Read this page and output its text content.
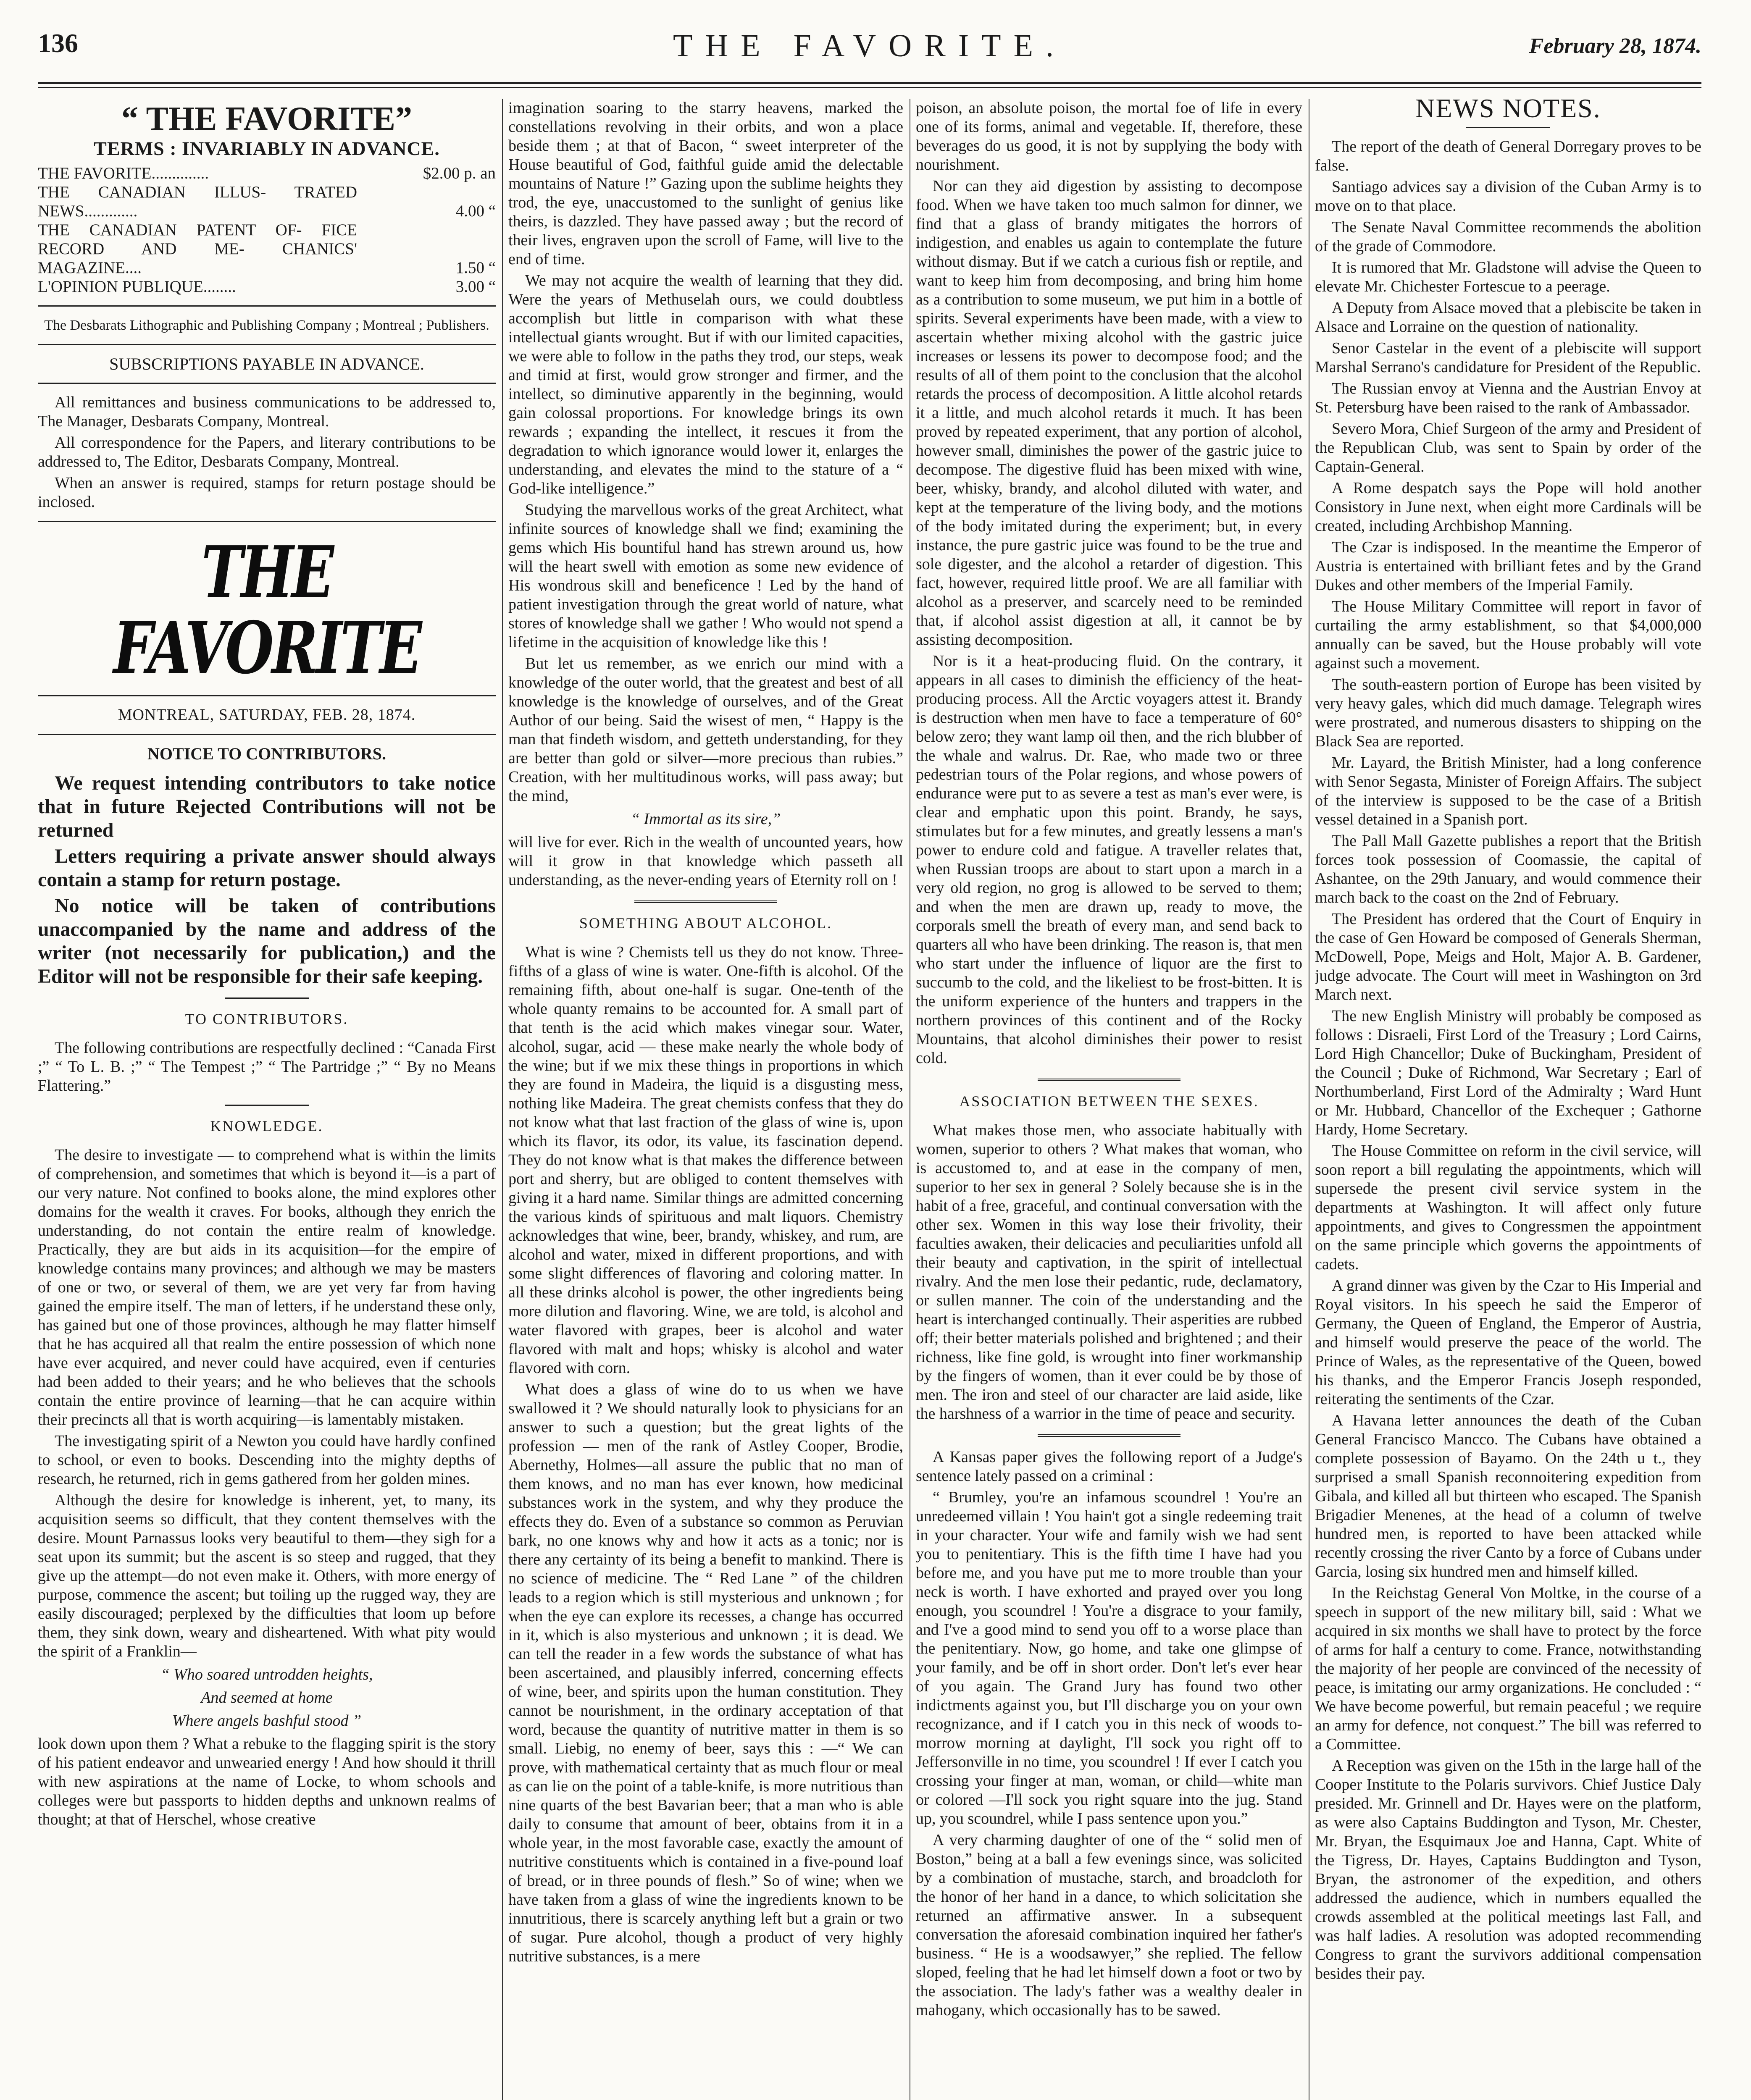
136	THE FAVORITE.	February 28, 1874.
“ THE FAVORITE”
TERMS : INVARIABLY IN ADVANCE.
THE FAVORITE..............	$2.00 p. an
THE CANADIAN ILLUS- TRATED NEWS.............	4.00 “
THE CANADIAN PATENT OF- FICE RECORD AND ME- CHANICS' MAGAZINE....	1.50 “
L'OPINION PUBLIQUE........	3.00 “

The Desbarats Lithographic and Publishing Company ; Montreal ; Publishers.

SUBSCRIPTIONS PAYABLE IN ADVANCE.

All remittances and business communications to be addressed to, The Manager, Desbarats Company, Montreal.

All correspondence for the Papers, and literary contributions to be addressed to, The Editor, Desbarats Company, Montreal.

When an answer is required, stamps for return postage should be inclosed.

THE FAVORITE

MONTREAL, SATURDAY, FEB. 28, 1874.

NOTICE TO CONTRIBUTORS.

We request intending contributors to take notice that in future Rejected Contributions will not be returned

Letters requiring a private answer should always contain a stamp for return postage.

No notice will be taken of contributions unaccompanied by the name and address of the writer (not necessarily for publication,) and the Editor will not be responsible for their safe keeping.

TO CONTRIBUTORS.

The following contributions are respectfully declined : “Canada First ;” “ To L. B. ;” “ The Tempest ;” “ The Partridge ;” “ By no Means Flattering.”

KNOWLEDGE.

The desire to investigate — to comprehend what is within the limits of comprehension, and sometimes that which is beyond it—is a part of our very nature. Not confined to books alone, the mind explores other domains for the wealth it craves. For books, although they enrich the understanding, do not contain the entire realm of knowledge. Practically, they are but aids in its acquisition—for the empire of knowledge contains many provinces; and although we may be masters of one or two, or several of them, we are yet very far from having gained the empire itself. The man of letters, if he understand these only, has gained but one of those provinces, although he may flatter himself that he has acquired all that realm the entire possession of which none have ever acquired, and never could have acquired, even if centuries had been added to their years; and he who believes that the schools contain the entire province of learning—that he can acquire within their precincts all that is worth acquiring—is lamentably mistaken.

The investigating spirit of a Newton you could have hardly confined to school, or even to books. Descending into the mighty depths of research, he returned, rich in gems gathered from her golden mines.

Although the desire for knowledge is inherent, yet, to many, its acquisition seems so difficult, that they content themselves with the desire. Mount Parnassus looks very beautiful to them—they sigh for a seat upon its summit; but the ascent is so steep and rugged, that they give up the attempt—do not even make it. Others, with more energy of purpose, commence the ascent; but toiling up the rugged way, they are easily discouraged; perplexed by the difficulties that loom up before them, they sink down, weary and disheartened. With what pity would the spirit of a Franklin—

“ Who soared untrodden heights,

And seemed at home

Where angels bashful stood ”

look down upon them ? What a rebuke to the flagging spirit is the story of his patient endeavor and unwearied energy ! And how should it thrill with new aspirations at the name of Locke, to whom schools and colleges were but passports to hidden depths and unknown realms of thought; at that of Herschel, whose creative

imagination soaring to the starry heavens, marked the constellations revolving in their orbits, and won a place beside them ; at that of Bacon, “ sweet interpreter of the House beautiful of God, faithful guide amid the delectable mountains of Nature !” Gazing upon the sublime heights they trod, the eye, unaccustomed to the sunlight of genius like theirs, is dazzled. They have passed away ; but the record of their lives, engraven upon the scroll of Fame, will live to the end of time.

We may not acquire the wealth of learning that they did. Were the years of Methuselah ours, we could doubtless accomplish but little in comparison with what these intellectual giants wrought. But if with our limited capacities, we were able to follow in the paths they trod, our steps, weak and timid at first, would grow stronger and firmer, and the intellect, so diminutive apparently in the beginning, would gain colossal proportions. For knowledge brings its own rewards ; expanding the intellect, it rescues it from the degradation to which ignorance would lower it, enlarges the understanding, and elevates the mind to the stature of a “ God-like intelligence.”

Studying the marvellous works of the great Architect, what infinite sources of knowledge shall we find; examining the gems which His bountiful hand has strewn around us, how will the heart swell with emotion as some new evidence of His wondrous skill and beneficence ! Led by the hand of patient investigation through the great world of nature, what stores of knowledge shall we gather ! Who would not spend a lifetime in the acquisition of knowledge like this !

But let us remember, as we enrich our mind with a knowledge of the outer world, that the greatest and best of all knowledge is the knowledge of ourselves, and of the Great Author of our being. Said the wisest of men, “ Happy is the man that findeth wisdom, and getteth understanding, for they are better than gold or silver—more precious than rubies.” Creation, with her multitudinous works, will pass away; but the mind,

“ Immortal as its sire,”

will live for ever. Rich in the wealth of uncounted years, how will it grow in that knowledge which passeth all understanding, as the never-ending years of Eternity roll on !

SOMETHING ABOUT ALCOHOL.

What is wine ? Chemists tell us they do not know. Three-fifths of a glass of wine is water. One-fifth is alcohol. Of the remaining fifth, about one-half is sugar. One-tenth of the whole quanty remains to be accounted for. A small part of that tenth is the acid which makes vinegar sour. Water, alcohol, sugar, acid — these make nearly the whole body of the wine; but if we mix these things in proportions in which they are found in Madeira, the liquid is a disgusting mess, nothing like Madeira. The great chemists confess that they do not know what that last fraction of the glass of wine is, upon which its flavor, its odor, its value, its fascination depend. They do not know what is that makes the difference between port and sherry, but are obliged to content themselves with giving it a hard name. Similar things are admitted concerning the various kinds of spirituous and malt liquors. Chemistry acknowledges that wine, beer, brandy, whiskey, and rum, are alcohol and water, mixed in different proportions, and with some slight differences of flavoring and coloring matter. In all these drinks alcohol is power, the other ingredients being more dilution and flavoring. Wine, we are told, is alcohol and water flavored with grapes, beer is alcohol and water flavored with malt and hops; whisky is alcohol and water flavored with corn.

What does a glass of wine do to us when we have swallowed it ? We should naturally look to physicians for an answer to such a question; but the great lights of the profession — men of the rank of Astley Cooper, Brodie, Abernethy, Holmes—all assure the public that no man of them knows, and no man has ever known, how medicinal substances work in the system, and why they produce the effects they do. Even of a substance so common as Peruvian bark, no one knows why and how it acts as a tonic; nor is there any certainty of its being a benefit to mankind. There is no science of medicine. The “ Red Lane ” of the children leads to a region which is still mysterious and unknown ; for when the eye can explore its recesses, a change has occurred in it, which is also mysterious and unknown ; it is dead. We can tell the reader in a few words the substance of what has been ascertained, and plausibly inferred, concerning effects of wine, beer, and spirits upon the human constitution. They cannot be nourishment, in the ordinary acceptation of that word, because the quantity of nutritive matter in them is so small. Liebig, no enemy of beer, says this : —“ We can prove, with mathematical certainty that as much flour or meal as can lie on the point of a table-knife, is more nutritious than nine quarts of the best Bavarian beer; that a man who is able daily to consume that amount of beer, obtains from it in a whole year, in the most favorable case, exactly the amount of nutritive constituents which is contained in a five-pound loaf of bread, or in three pounds of flesh.” So of wine; when we have taken from a glass of wine the ingredients known to be innutritious, there is scarcely anything left but a grain or two of sugar. Pure alcohol, though a product of very highly nutritive substances, is a mere

poison, an absolute poison, the mortal foe of life in every one of its forms, animal and vegetable. If, therefore, these beverages do us good, it is not by supplying the body with nourishment.

Nor can they aid digestion by assisting to decompose food. When we have taken too much salmon for dinner, we find that a glass of brandy mitigates the horrors of indigestion, and enables us again to contemplate the future without dismay. But if we catch a curious fish or reptile, and want to keep him from decomposing, and bring him home as a contribution to some museum, we put him in a bottle of spirits. Several experiments have been made, with a view to ascertain whether mixing alcohol with the gastric juice increases or lessens its power to decompose food; and the results of all of them point to the conclusion that the alcohol retards the process of decomposition. A little alcohol retards it a little, and much alcohol retards it much. It has been proved by repeated experiment, that any portion of alcohol, however small, diminishes the power of the gastric juice to decompose. The digestive fluid has been mixed with wine, beer, whisky, brandy, and alcohol diluted with water, and kept at the temperature of the living body, and the motions of the body imitated during the experiment; but, in every instance, the pure gastric juice was found to be the true and sole digester, and the alcohol a retarder of digestion. This fact, however, required little proof. We are all familiar with alcohol as a preserver, and scarcely need to be reminded that, if alcohol assist digestion at all, it cannot be by assisting decomposition.

Nor is it a heat-producing fluid. On the contrary, it appears in all cases to diminish the efficiency of the heat-producing process. All the Arctic voyagers attest it. Brandy is destruction when men have to face a temperature of 60° below zero; they want lamp oil then, and the rich blubber of the whale and walrus. Dr. Rae, who made two or three pedestrian tours of the Polar regions, and whose powers of endurance were put to as severe a test as man's ever were, is clear and emphatic upon this point. Brandy, he says, stimulates but for a few minutes, and greatly lessens a man's power to endure cold and fatigue. A traveller relates that, when Russian troops are about to start upon a march in a very old region, no grog is allowed to be served to them; and when the men are drawn up, ready to move, the corporals smell the breath of every man, and send back to quarters all who have been drinking. The reason is, that men who start under the influence of liquor are the first to succumb to the cold, and the likeliest to be frost-bitten. It is the uniform experience of the hunters and trappers in the northern provinces of this continent and of the Rocky Mountains, that alcohol diminishes their power to resist cold.

ASSOCIATION BETWEEN THE SEXES.

What makes those men, who associate habitually with women, superior to others ? What makes that woman, who is accustomed to, and at ease in the company of men, superior to her sex in general ? Solely because she is in the habit of a free, graceful, and continual conversation with the other sex. Women in this way lose their frivolity, their faculties awaken, their delicacies and peculiarities unfold all their beauty and captivation, in the spirit of intellectual rivalry. And the men lose their pedantic, rude, declamatory, or sullen manner. The coin of the understanding and the heart is interchanged continually. Their asperities are rubbed off; their better materials polished and brightened ; and their richness, like fine gold, is wrought into finer workmanship by the fingers of women, than it ever could be by those of men. The iron and steel of our character are laid aside, like the harshness of a warrior in the time of peace and security.

A Kansas paper gives the following report of a Judge's sentence lately passed on a criminal :

“ Brumley, you're an infamous scoundrel ! You're an unredeemed villain ! You hain't got a single redeeming trait in your character. Your wife and family wish we had sent you to penitentiary. This is the fifth time I have had you before me, and you have put me to more trouble than your neck is worth. I have exhorted and prayed over you long enough, you scoundrel ! You're a disgrace to your family, and I've a good mind to send you off to a worse place than the penitentiary. Now, go home, and take one glimpse of your family, and be off in short order. Don't let's ever hear of you again. The Grand Jury has found two other indictments against you, but I'll discharge you on your own recognizance, and if I catch you in this neck of woods to-morrow morning at daylight, I'll sock you right off to Jeffersonville in no time, you scoundrel ! If ever I catch you crossing your finger at man, woman, or child—white man or colored —I'll sock you right square into the jug. Stand up, you scoundrel, while I pass sentence upon you.”

A very charming daughter of one of the “ solid men of Boston,” being at a ball a few evenings since, was solicited by a combination of mustache, starch, and broadcloth for the honor of her hand in a dance, to which solicitation she returned an affirmative answer. In a subsequent conversation the aforesaid combination inquired her father's business. “ He is a woodsawyer,” she replied. The fellow sloped, feeling that he had let himself down a foot or two by the association. The lady's father was a wealthy dealer in mahogany, which occasionally has to be sawed.

NEWS NOTES.

The report of the death of General Dorregary proves to be false.

Santiago advices say a division of the Cuban Army is to move on to that place.

The Senate Naval Committee recommends the abolition of the grade of Commodore.

It is rumored that Mr. Gladstone will advise the Queen to elevate Mr. Chichester Fortescue to a peerage.

A Deputy from Alsace moved that a plebiscite be taken in Alsace and Lorraine on the question of nationality.

Senor Castelar in the event of a plebiscite will support Marshal Serrano's candidature for President of the Republic.

The Russian envoy at Vienna and the Austrian Envoy at St. Petersburg have been raised to the rank of Ambassador.

Severo Mora, Chief Surgeon of the army and President of the Republican Club, was sent to Spain by order of the Captain-General.

A Rome despatch says the Pope will hold another Consistory in June next, when eight more Cardinals will be created, including Archbishop Manning.

The Czar is indisposed. In the meantime the Emperor of Austria is entertained with brilliant fetes and by the Grand Dukes and other members of the Imperial Family.

The House Military Committee will report in favor of curtailing the army establishment, so that $4,000,000 annually can be saved, but the House probably will vote against such a movement.

The south-eastern portion of Europe has been visited by very heavy gales, which did much damage. Telegraph wires were prostrated, and numerous disasters to shipping on the Black Sea are reported.

Mr. Layard, the British Minister, had a long conference with Senor Segasta, Minister of Foreign Affairs. The subject of the interview is supposed to be the case of a British vessel detained in a Spanish port.

The Pall Mall Gazette publishes a report that the British forces took possession of Coomassie, the capital of Ashantee, on the 29th January, and would commence their march back to the coast on the 2nd of February.

The President has ordered that the Court of Enquiry in the case of Gen Howard be composed of Generals Sherman, McDowell, Pope, Meigs and Holt, Major A. B. Gardener, judge advocate. The Court will meet in Washington on 3rd March next.

The new English Ministry will probably be composed as follows : Disraeli, First Lord of the Treasury ; Lord Cairns, Lord High Chancellor; Duke of Buckingham, President of the Council ; Duke of Richmond, War Secretary ; Earl of Northumberland, First Lord of the Admiralty ; Ward Hunt or Mr. Hubbard, Chancellor of the Exchequer ; Gathorne Hardy, Home Secretary.

The House Committee on reform in the civil service, will soon report a bill regulating the appointments, which will supersede the present civil service system in the departments at Washington. It will affect only future appointments, and gives to Congressmen the appointment on the same principle which governs the appointments of cadets.

A grand dinner was given by the Czar to His Imperial and Royal visitors. In his speech he said the Emperor of Germany, the Queen of England, the Emperor of Austria, and himself would preserve the peace of the world. The Prince of Wales, as the representative of the Queen, bowed his thanks, and the Emperor Francis Joseph responded, reiterating the sentiments of the Czar.

A Havana letter announces the death of the Cuban General Francisco Mancco. The Cubans have obtained a complete possession of Bayamo. On the 24th u t., they surprised a small Spanish reconnoitering expedition from Gibala, and killed all but thirteen who escaped. The Spanish Brigadier Menenes, at the head of a column of twelve hundred men, is reported to have been attacked while recently crossing the river Canto by a force of Cubans under Garcia, losing six hundred men and himself killed.

In the Reichstag General Von Moltke, in the course of a speech in support of the new military bill, said : What we acquired in six months we shall have to protect by the force of arms for half a century to come. France, notwithstanding the majority of her people are convinced of the necessity of peace, is imitating our army organizations. He concluded : “ We have become powerful, but remain peaceful ; we require an army for defence, not conquest.” The bill was referred to a Committee.

A Reception was given on the 15th in the large hall of the Cooper Institute to the Polaris survivors. Chief Justice Daly presided. Mr. Grinnell and Dr. Hayes were on the platform, as were also Captains Buddington and Tyson, Mr. Chester, Mr. Bryan, the Esquimaux Joe and Hanna, Capt. White of the Tigress, Dr. Hayes, Captains Buddington and Tyson, Bryan, the astronomer of the expedition, and others addressed the audience, which in numbers equalled the crowds assembled at the political meetings last Fall, and was half ladies. A resolution was adopted recommending Congress to grant the survivors additional compensation besides their pay.
